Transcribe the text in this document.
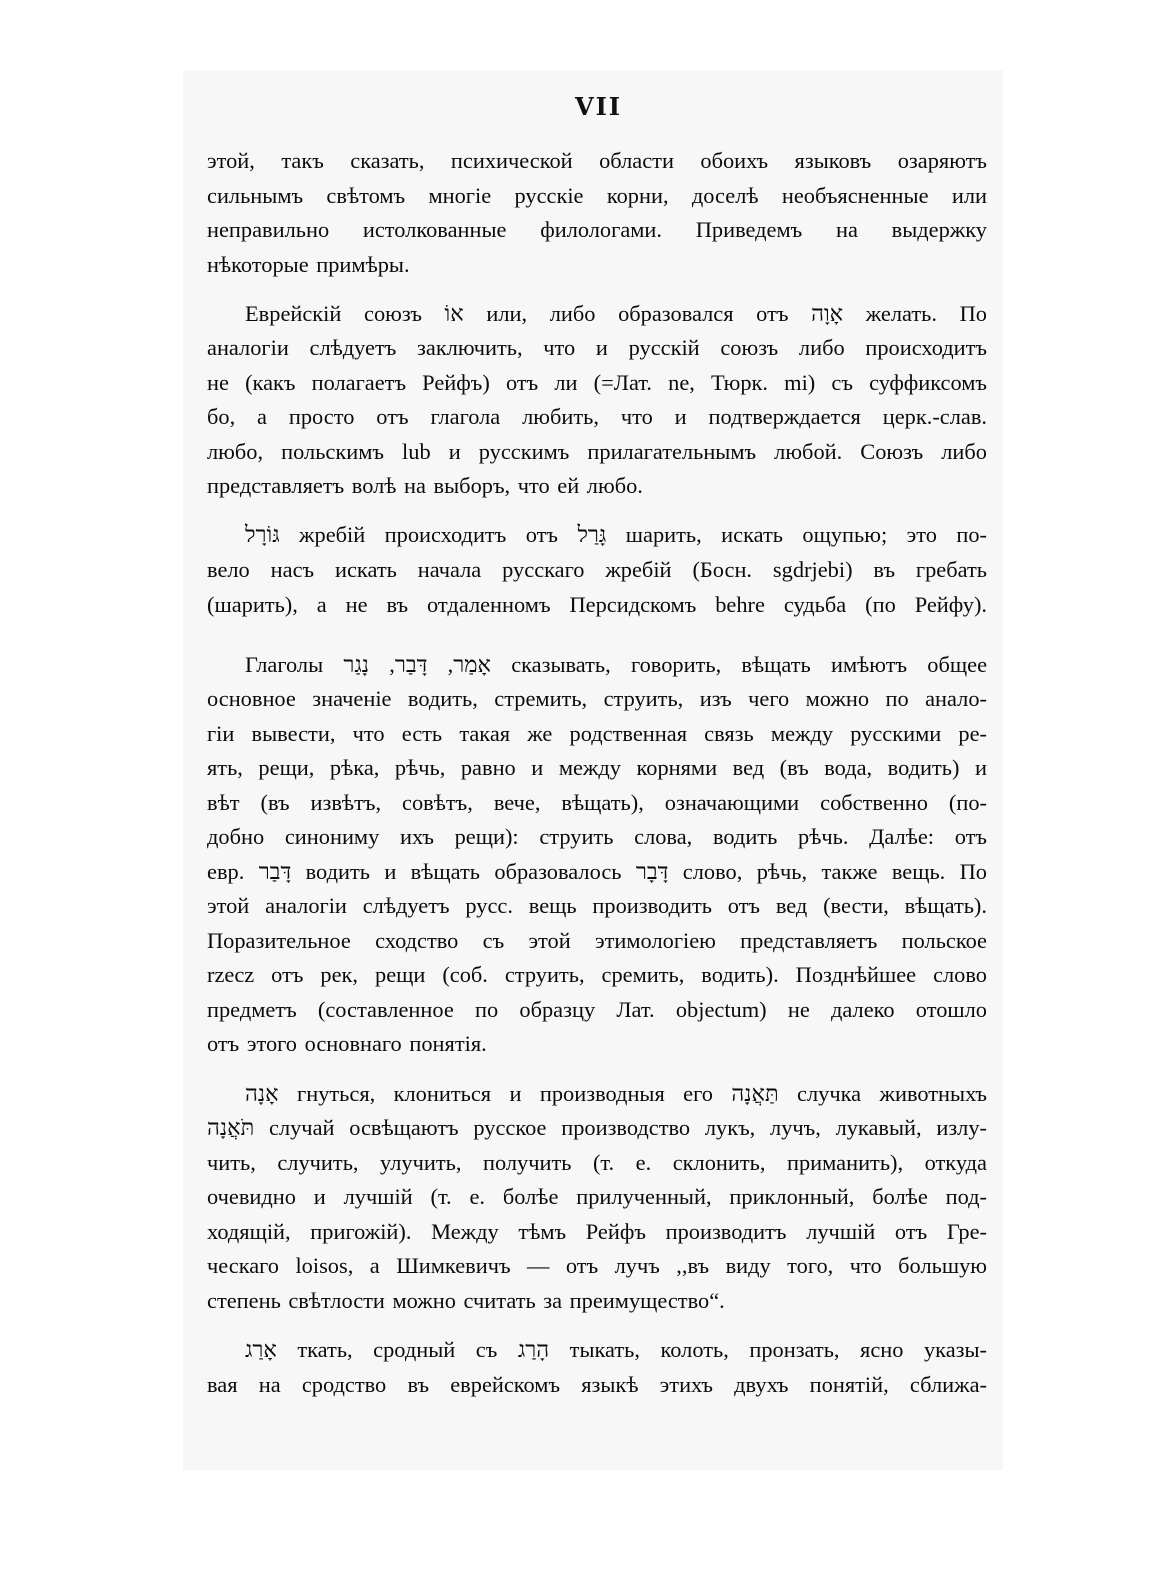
VII
этой, такъ сказать, психической области обоихъ языковъ озаряютъ
сильнымъ свѣтомъ многіе русскіе корни, доселѣ необъясненные или
неправильно истолкованные филологами. Приведемъ на выдержку
нѣкоторые примѣры.
Еврейскій союзъ אוֹ или, либо образовался отъ אָוָה желать. По
аналогіи слѣдуетъ заключить, что и русскій союзъ либо происходитъ
не (какъ полагаетъ Рейфъ) отъ ли (=Лат. ne, Тюрк. mi) съ суффиксомъ
бо, а просто отъ глагола любить, что и подтверждается церк.-слав.
любо, польскимъ lub и русскимъ прилагательнымъ любой. Союзъ либо
представляетъ волѣ на выборъ, что ей любо.
גּוֹרָל жребій происходитъ отъ גָּרַל шарить, искать ощупью; это по-
вело насъ искать начала русскаго жребій (Босн. sgdrjebi) въ гребать
(шарить), а не въ отдаленномъ Персидскомъ behre судьба (по Рейфу).
Глаголы אָמַר, דָּבַר, נָגַר сказывать, говорить, вѣщать имѣютъ общее
основное значеніе водить, стремить, струить, изъ чего можно по анало-
гіи вывести, что есть такая же родственная связь между русскими ре-
ять, рещи, рѣка, рѣчь, равно и между корнями вед (въ вода, водить) и
вѣт (въ извѣтъ, совѣтъ, вече, вѣщать), означающими собственно (по-
добно синониму ихъ рещи): струить слова, водить рѣчь. Далѣе: отъ
евр. דָּבַר водить и вѣщать образовалось דָּבָר слово, рѣчь, также вещь. По
этой аналогіи слѣдуетъ русс. вещь производить отъ вед (вести, вѣщать).
Поразительное сходство съ этой этимологіею представляетъ польское
rzecz отъ рек, рещи (соб. струить, сремить, водить). Позднѣйшее слово
предметъ (составленное по образцу Лат. objectum) не далеко отошло
отъ этого основнаго понятія.
אָנָה гнуться, клониться и производныя его תַּאֲנָה случка животныхъ
תֹּאֲנָה случай освѣщаютъ русское производство лукъ, лучъ, лукавый, излу-
чить, случить, улучить, получить (т. е. склонить, приманить), откуда
очевидно и лучшій (т. е. болѣе прилученный, приклонный, болѣе под-
ходящій, пригожій). Между тѣмъ Рейфъ производитъ лучшій отъ Гре-
ческаго loisos, а Шимкевичъ — отъ лучъ ,,въ виду того, что большую
степень свѣтлости можно считать за преимущество“.
אָרַג ткать, сродный съ הָרַג тыкать, колоть, пронзать, ясно указы-
вая на сродство въ еврейскомъ языкѣ этихъ двухъ понятій, сближа-
